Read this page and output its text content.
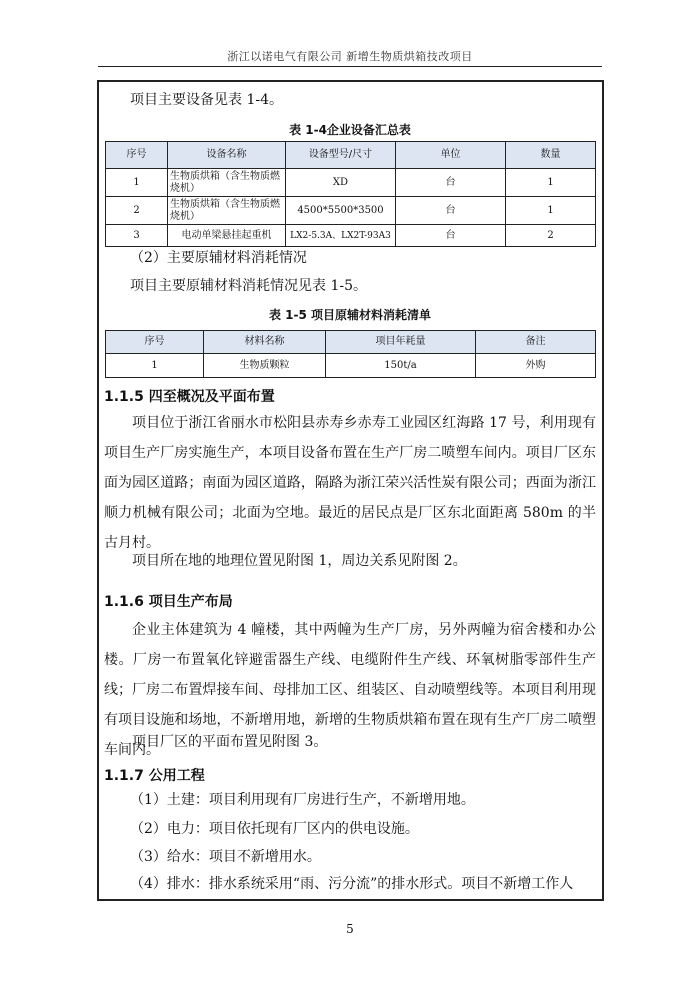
浙江以诺电气有限公司 新增生物质烘箱技改项目
项目主要设备见表 1-4。
表 1-4企业设备汇总表
序号	设备名称	设备型号/尺寸	单位	数量
1	生物质烘箱（含生物质燃烧机）	XD	台	1
2	生物质烘箱（含生物质燃烧机）	4500*5500*3500	台	1
3	电动单梁悬挂起重机	LX2-5.3A、LX2T-93A3	台	2
（2）主要原辅材料消耗情况
项目主要原辅材料消耗情况见表 1-5。
表 1-5 项目原辅材料消耗清单
序号	材料名称	项目年耗量	备注
1	生物质颗粒	150t/a	外购
1.1.5 四至概况及平面布置
项目位于浙江省丽水市松阳县赤寿乡赤寿工业园区红海路 17 号，利用现有项目生产厂房实施生产，本项目设备布置在生产厂房二喷塑车间内。项目厂区东面为园区道路；南面为园区道路，隔路为浙江荣兴活性炭有限公司；西面为浙江顺力机械有限公司；北面为空地。最近的居民点是厂区东北面距离 580m 的半古月村。
项目所在地的地理位置见附图 1，周边关系见附图 2。
1.1.6 项目生产布局
企业主体建筑为 4 幢楼，其中两幢为生产厂房，另外两幢为宿舍楼和办公楼。厂房一布置氧化锌避雷器生产线、电缆附件生产线、环氧树脂零部件生产线；厂房二布置焊接车间、母排加工区、组装区、自动喷塑线等。本项目利用现有项目设施和场地，不新增用地，新增的生物质烘箱布置在现有生产厂房二喷塑车间内。
项目厂区的平面布置见附图 3。
1.1.7 公用工程
（1）土建：项目利用现有厂房进行生产，不新增用地。
（2）电力：项目依托现有厂区内的供电设施。
（3）给水：项目不新增用水。
（4）排水：排水系统采用“雨、污分流”的排水形式。项目不新增工作人
5
